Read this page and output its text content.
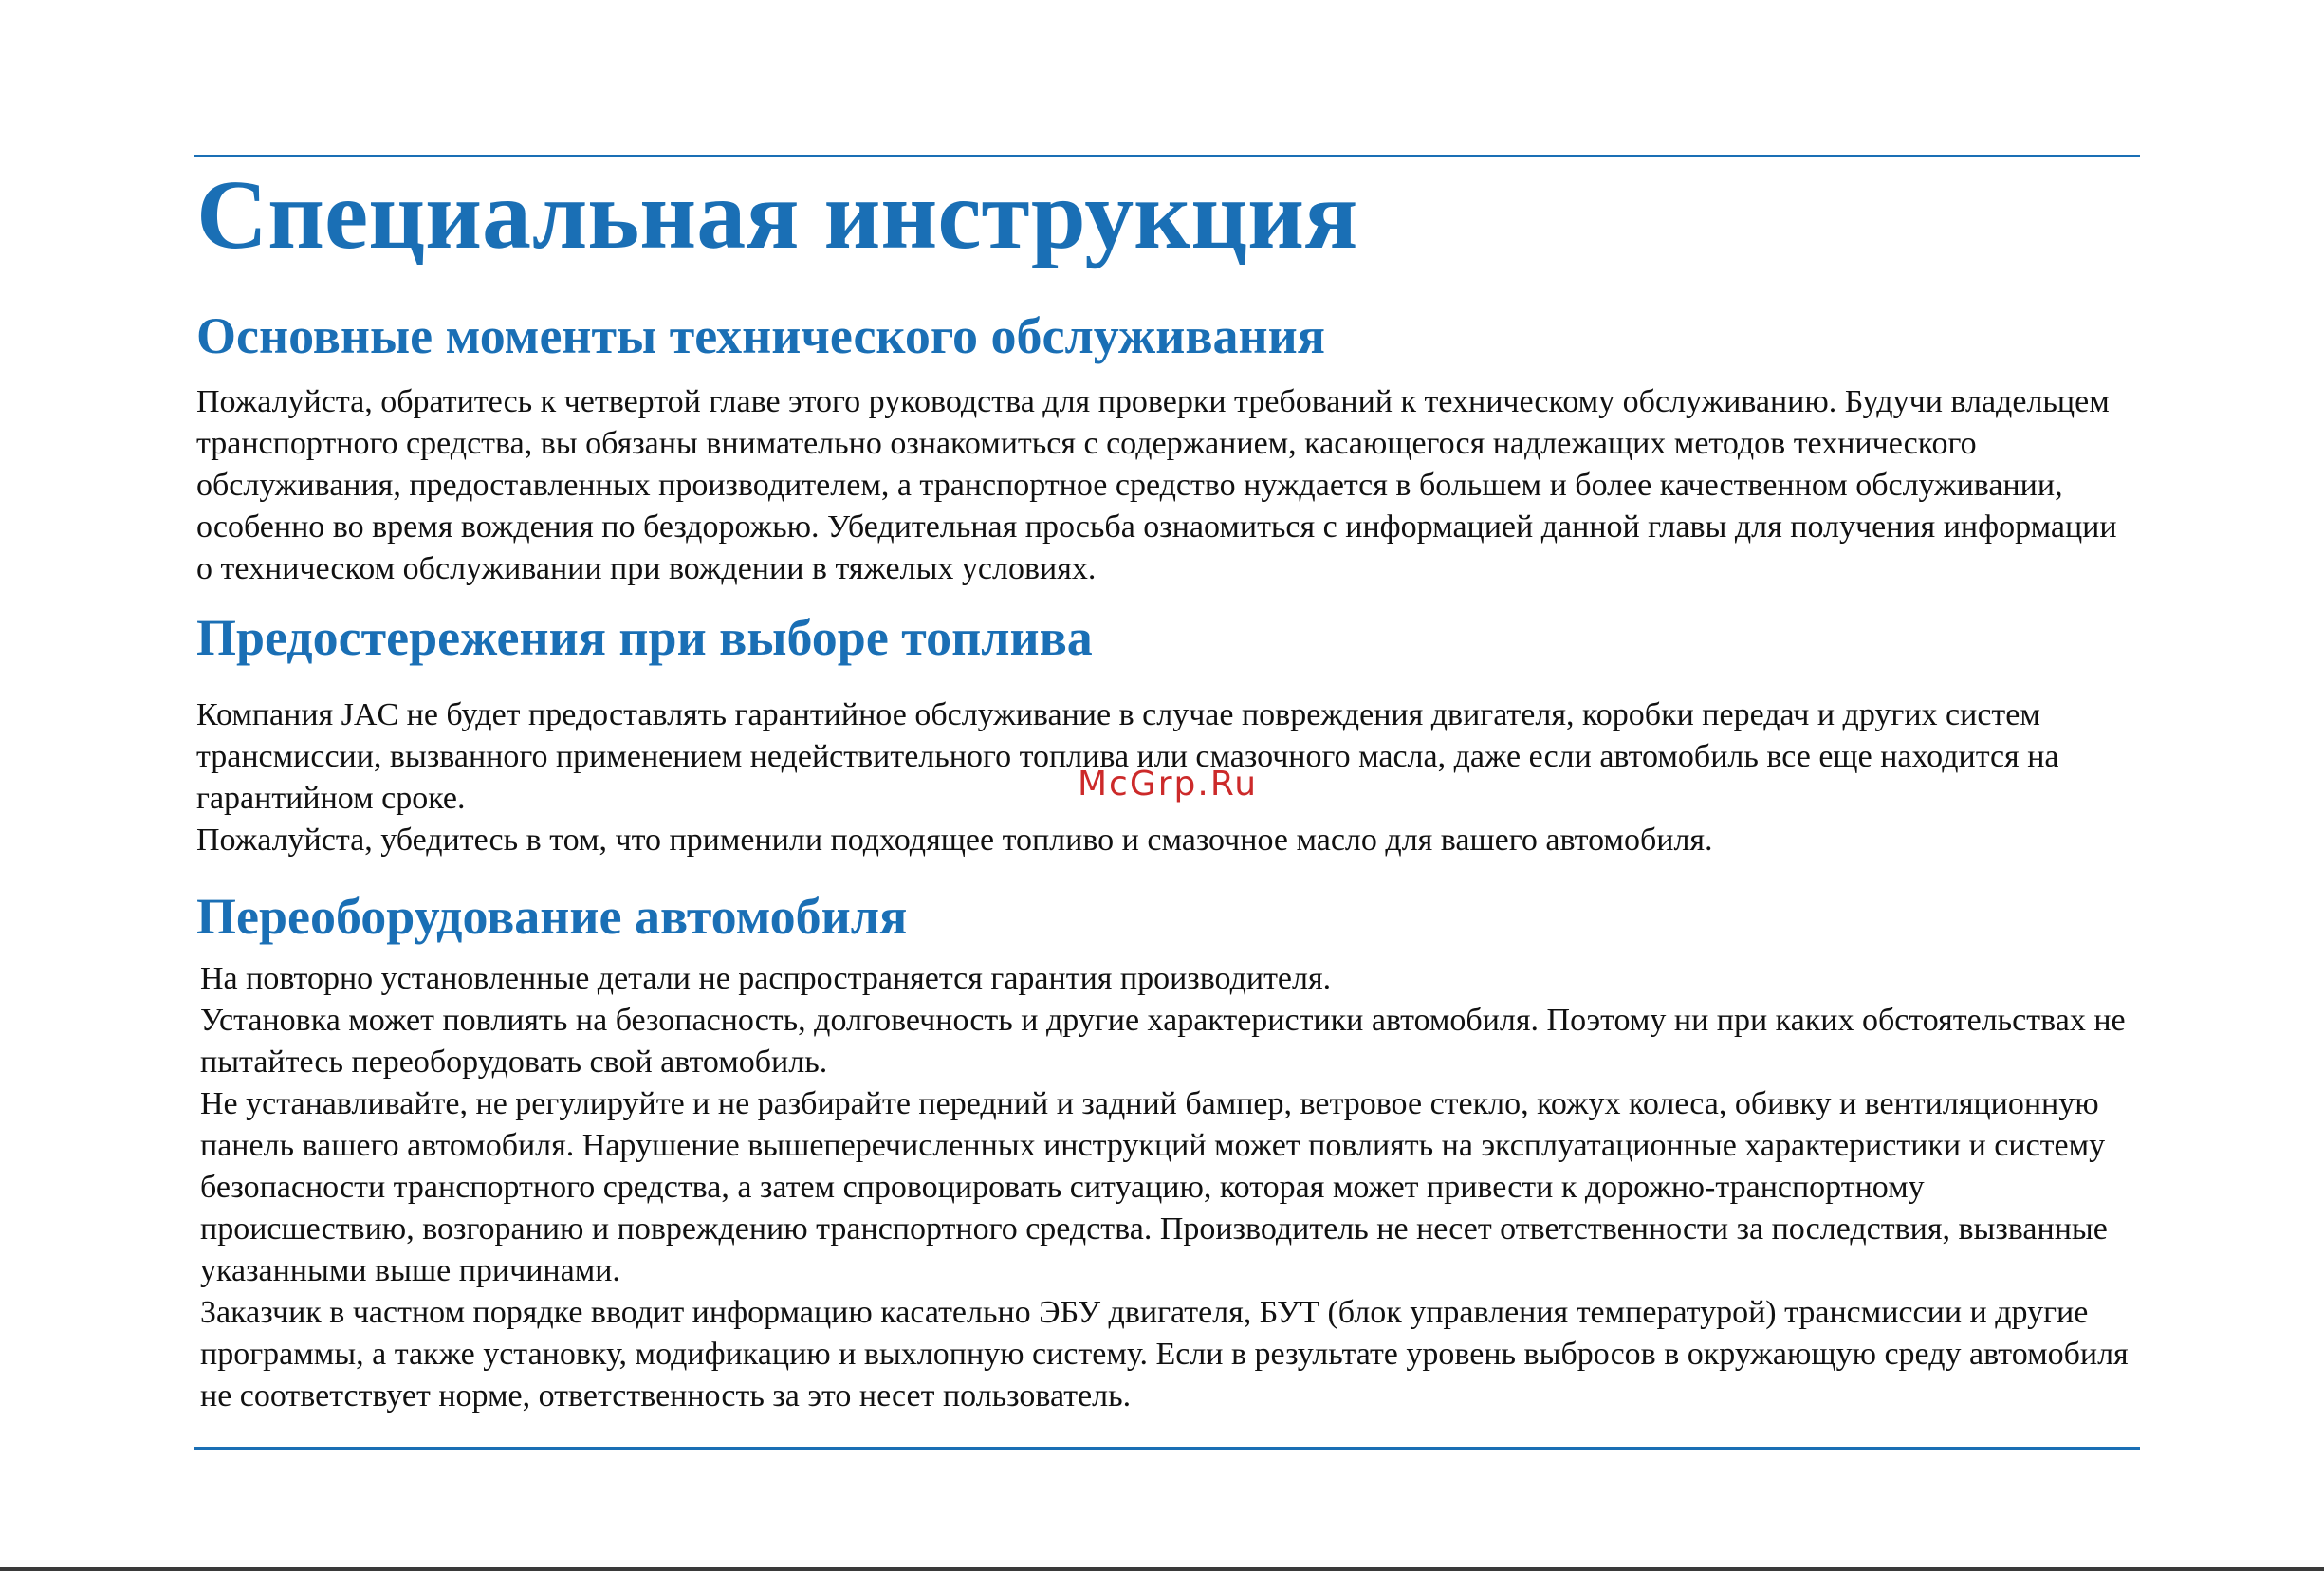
Специальная инструкция
Основные моменты технического обслуживания

Пожалуйста, обратитесь к четвертой главе этого руководства для проверки требований к техническому обслуживанию. Будучи владельцем транспортного средства, вы обязаны внимательно ознакомиться с содержанием, касающегося надлежащих методов технического обслуживания, предоставленных производителем, а транспортное средство нуждается в большем и более качественном обслуживании, особенно во время вождения по бездорожью. Убедительная просьба ознаомиться с информацией данной главы для получения информации о техническом обслуживании при вождении в тяжелых условиях.

Предостережения при выборе топлива

Компания JAC не будет предоставлять гарантийное обслуживание в случае повреждения двигателя, коробки передач и других систем трансмиссии, вызванного применением недействительного топлива или смазочного масла, даже если автомобиль все еще находится на гарантийном сроке.

Пожалуйста, убедитесь в том, что применили подходящее топливо и смазочное масло для вашего автомобиля.

Переоборудование автомобиля

На повторно установленные детали не распространяется гарантия производителя.

Установка может повлиять на безопасность, долговечность и другие характеристики автомобиля. Поэтому ни при каких обстоятельствах не пытайтесь переоборудовать свой автомобиль.

Не устанавливайте, не регулируйте и не разбирайте передний и задний бампер, ветровое стекло, кожух колеса, обивку и вентиляционную панель вашего автомобиля. Нарушение вышеперечисленных инструкций может повлиять на эксплуатационные характеристики и систему безопасности транспортного средства, а затем спровоцировать ситуацию, которая может привести к дорожно-транспортному происшествию, возгоранию и повреждению транспортного средства. Производитель не несет ответственности за последствия, вызванные указанными выше причинами.

Заказчик в частном порядке вводит информацию касательно ЭБУ двигателя, БУТ (блок управления температурой) трансмиссии и другие программы, а также установку, модификацию и выхлопную систему. Если в результате уровень выбросов в окружающую среду автомобиля не соответствует норме, ответственность за это несет пользователь.

McGrp.Ru
